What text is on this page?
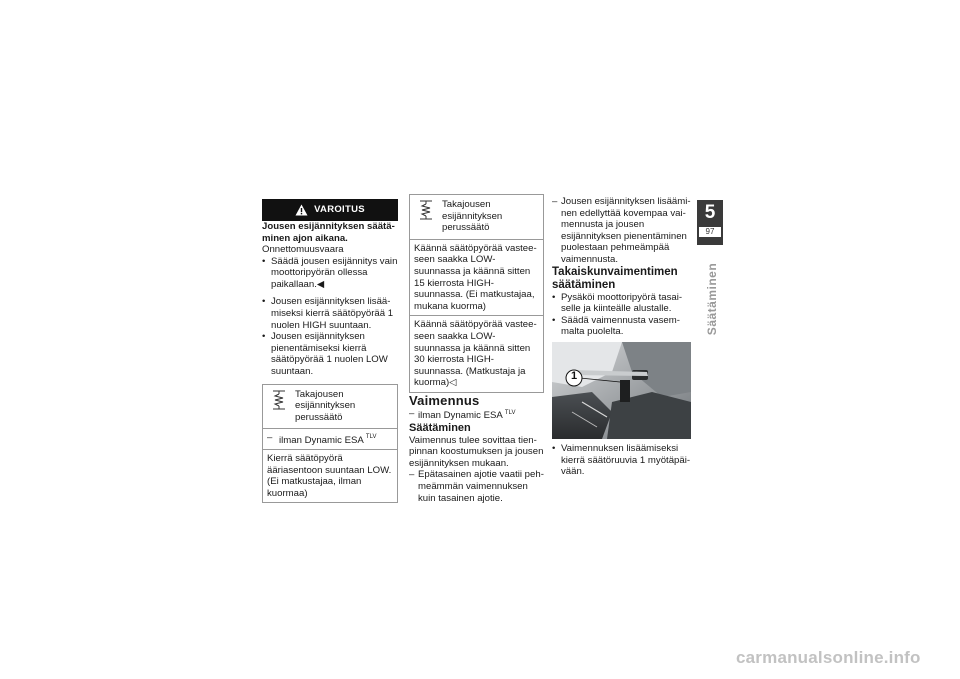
VAROITUS

Jousen esijännityksen säätäminen ajon aikana.

Onnettomuusvaara

• Säädä jousen esijännitys vain moottoripyörän ollessa paikallaan.◀
• Jousen esijännityksen lisäämiseksi kierrä säätöpyörää 1 nuolen HIGH suuntaan.
• Jousen esijännityksen pienentämiseksi kierrä säätöpyörää 1 nuolen LOW suuntaan.
Takajousen esijännityksen perussäätö
– ilman Dynamic ESA $^{TLV}$
Kierrä säätöpyörä ääriasentoon suuntaan LOW. (Ei matkustajaa, ilman kuormaa)
Takajousen esijännityksen perussäätö
Käännä säätöpyörää vasteeseen saakka LOW-suunnassa ja käännä sitten 15 kierrosta HIGH-suunnassa. (Ei matkustajaa, mukana kuorma)
Käännä säätöpyörää vasteeseen saakka LOW-suunnassa ja käännä sitten 30 kierrosta HIGH-suunnassa. (Matkustaja ja kuorma)◁

Vaimennus

– ilman Dynamic ESA $^{TLV}$

Säätäminen

Vaimennus tulee sovittaa tienpinnan koostumuksen ja jousen esijännityksen mukaan.

– Epätasainen ajotie vaatii pehmeämmän vaimennuksen kuin tasainen ajotie.
– Jousen esijännityksen lisääminen edellyttää kovempaa vaimennusta ja jousen esijännityksen pienentäminen puolestaan pehmeämpää vaimennusta.

Takaiskunvaimentimen säätäminen

• Pysäköi moottoripyörä tasaiselle ja kiinteälle alustalle.
• Säädä vaimennusta vasemmalta puolelta.
1
• Vaimennuksen lisäämiseksi kierrä säätöruuvia 1 myötäpäivään.
5
97
Säätäminen
carmanualsonline.info
